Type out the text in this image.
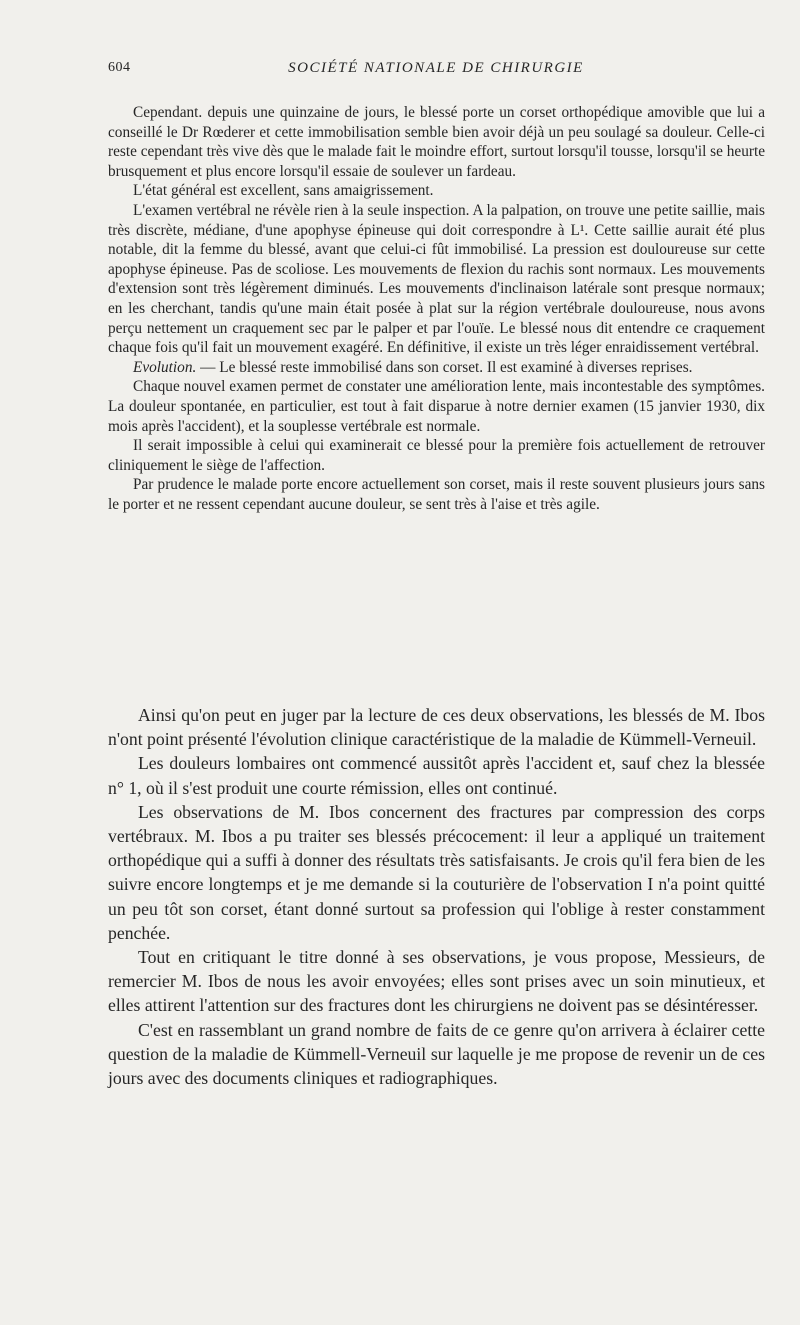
604	SOCIÉTÉ NATIONALE DE CHIRURGIE

Cependant. depuis une quinzaine de jours, le blessé porte un corset orthopédique amovible que lui a conseillé le Dr Rœderer et cette immobilisation semble bien avoir déjà un peu soulagé sa douleur. Celle-ci reste cependant très vive dès que le malade fait le moindre effort, surtout lorsqu'il tousse, lorsqu'il se heurte brusquement et plus encore lorsqu'il essaie de soulever un fardeau.

L'état général est excellent, sans amaigrissement.

L'examen vertébral ne révèle rien à la seule inspection. A la palpation, on trouve une petite saillie, mais très discrète, médiane, d'une apophyse épineuse qui doit correspondre à L¹. Cette saillie aurait été plus notable, dit la femme du blessé, avant que celui-ci fût immobilisé. La pression est douloureuse sur cette apophyse épineuse. Pas de scoliose. Les mouvements de flexion du rachis sont normaux. Les mouvements d'extension sont très légèrement diminués. Les mouvements d'inclinaison latérale sont presque normaux; en les cherchant, tandis qu'une main était posée à plat sur la région vertébrale douloureuse, nous avons perçu nettement un craquement sec par le palper et par l'ouïe. Le blessé nous dit entendre ce craquement chaque fois qu'il fait un mouvement exagéré. En définitive, il existe un très léger enraidissement vertébral.

Evolution. — Le blessé reste immobilisé dans son corset. Il est examiné à diverses reprises.

Chaque nouvel examen permet de constater une amélioration lente, mais incontestable des symptômes. La douleur spontanée, en particulier, est tout à fait disparue à notre dernier examen (15 janvier 1930, dix mois après l'accident), et la souplesse vertébrale est normale.

Il serait impossible à celui qui examinerait ce blessé pour la première fois actuellement de retrouver cliniquement le siège de l'affection.

Par prudence le malade porte encore actuellement son corset, mais il reste souvent plusieurs jours sans le porter et ne ressent cependant aucune douleur, se sent très à l'aise et très agile.

Ainsi qu'on peut en juger par la lecture de ces deux observations, les blessés de M. Ibos n'ont point présenté l'évolution clinique caractéristique de la maladie de Kümmell-Verneuil.

Les douleurs lombaires ont commencé aussitôt après l'accident et, sauf chez la blessée n° 1, où il s'est produit une courte rémission, elles ont continué.

Les observations de M. Ibos concernent des fractures par compression des corps vertébraux. M. Ibos a pu traiter ses blessés précocement: il leur a appliqué un traitement orthopédique qui a suffi à donner des résultats très satisfaisants. Je crois qu'il fera bien de les suivre encore longtemps et je me demande si la couturière de l'observation I n'a point quitté un peu tôt son corset, étant donné surtout sa profession qui l'oblige à rester constamment penchée.

Tout en critiquant le titre donné à ses observations, je vous propose, Messieurs, de remercier M. Ibos de nous les avoir envoyées; elles sont prises avec un soin minutieux, et elles attirent l'attention sur des fractures dont les chirurgiens ne doivent pas se désintéresser.

C'est en rassemblant un grand nombre de faits de ce genre qu'on arrivera à éclairer cette question de la maladie de Kümmell-Verneuil sur laquelle je me propose de revenir un de ces jours avec des documents cliniques et radiographiques.
